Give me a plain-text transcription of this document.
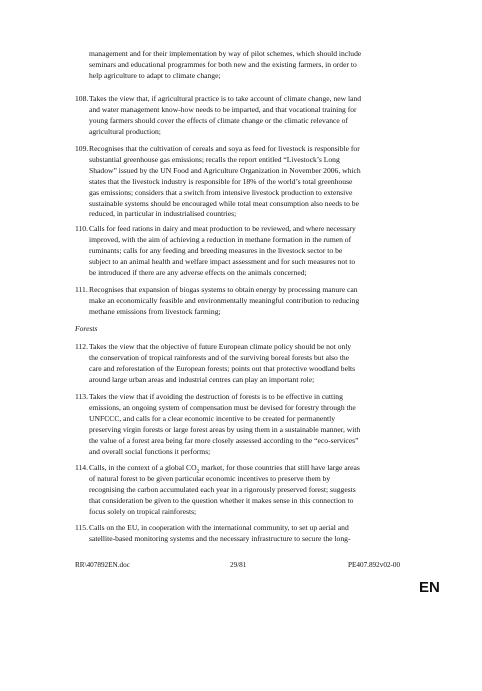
management and for their implementation by way of pilot schemes, which should include
seminars and educational programmes for both new and the existing farmers, in order to
help agriculture to adapt to climate change;

108. Takes the view that, if agricultural practice is to take account of climate change, new land
and water management know-how needs to be imparted, and that vocational training for
young farmers should cover the effects of climate change or the climatic relevance of
agricultural production;

109. Recognises that the cultivation of cereals and soya as feed for livestock is responsible for
substantial greenhouse gas emissions; recalls the report entitled “Livestock’s Long
Shadow” issued by the UN Food and Agriculture Organization in November 2006, which
states that the livestock industry is responsible for 18% of the world’s total greenhouse
gas emissions; considers that a switch from intensive livestock production to extensive
sustainable systems should be encouraged while total meat consumption also needs to be
reduced, in particular in industrialised countries;

110. Calls for feed rations in dairy and meat production to be reviewed, and where necessary
improved, with the aim of achieving a reduction in methane formation in the rumen of
ruminants; calls for any feeding and breeding measures in the livestock sector to be
subject to an animal health and welfare impact assessment and for such measures not to
be introduced if there are any adverse effects on the animals concerned;

111. Recognises that expansion of biogas systems to obtain energy by processing manure can
make an economically feasible and environmentally meaningful contribution to reducing
methane emissions from livestock farming;

Forests

112. Takes the view that the objective of future European climate policy should be not only
the conservation of tropical rainforests and of the surviving boreal forests but also the
care and reforestation of the European forests; points out that protective woodland belts
around large urban areas and industrial centres can play an important role;

113. Takes the view that if avoiding the destruction of forests is to be effective in cutting
emissions, an ongoing system of compensation must be devised for forestry through the
UNFCCC, and calls for a clear economic incentive to be created for permanently
preserving virgin forests or large forest areas by using them in a sustainable manner, with
the value of a forest area being far more closely assessed according to the “eco-services”
and overall social functions it performs;

114. Calls, in the context of a global $CO_2$ market, for those countries that still have large areas
of natural forest to be given particular economic incentives to preserve them by
recognising the carbon accumulated each year in a rigorously preserved forest; suggests
that consideration be given to the question whether it makes sense in this connection to
focus solely on tropical rainforests;

115. Calls on the EU, in cooperation with the international community, to set up aerial and
satellite-based monitoring systems and the necessary infrastructure to secure the long-

RR\407892EN.doc	29/81	PE407.892v02-00
EN
